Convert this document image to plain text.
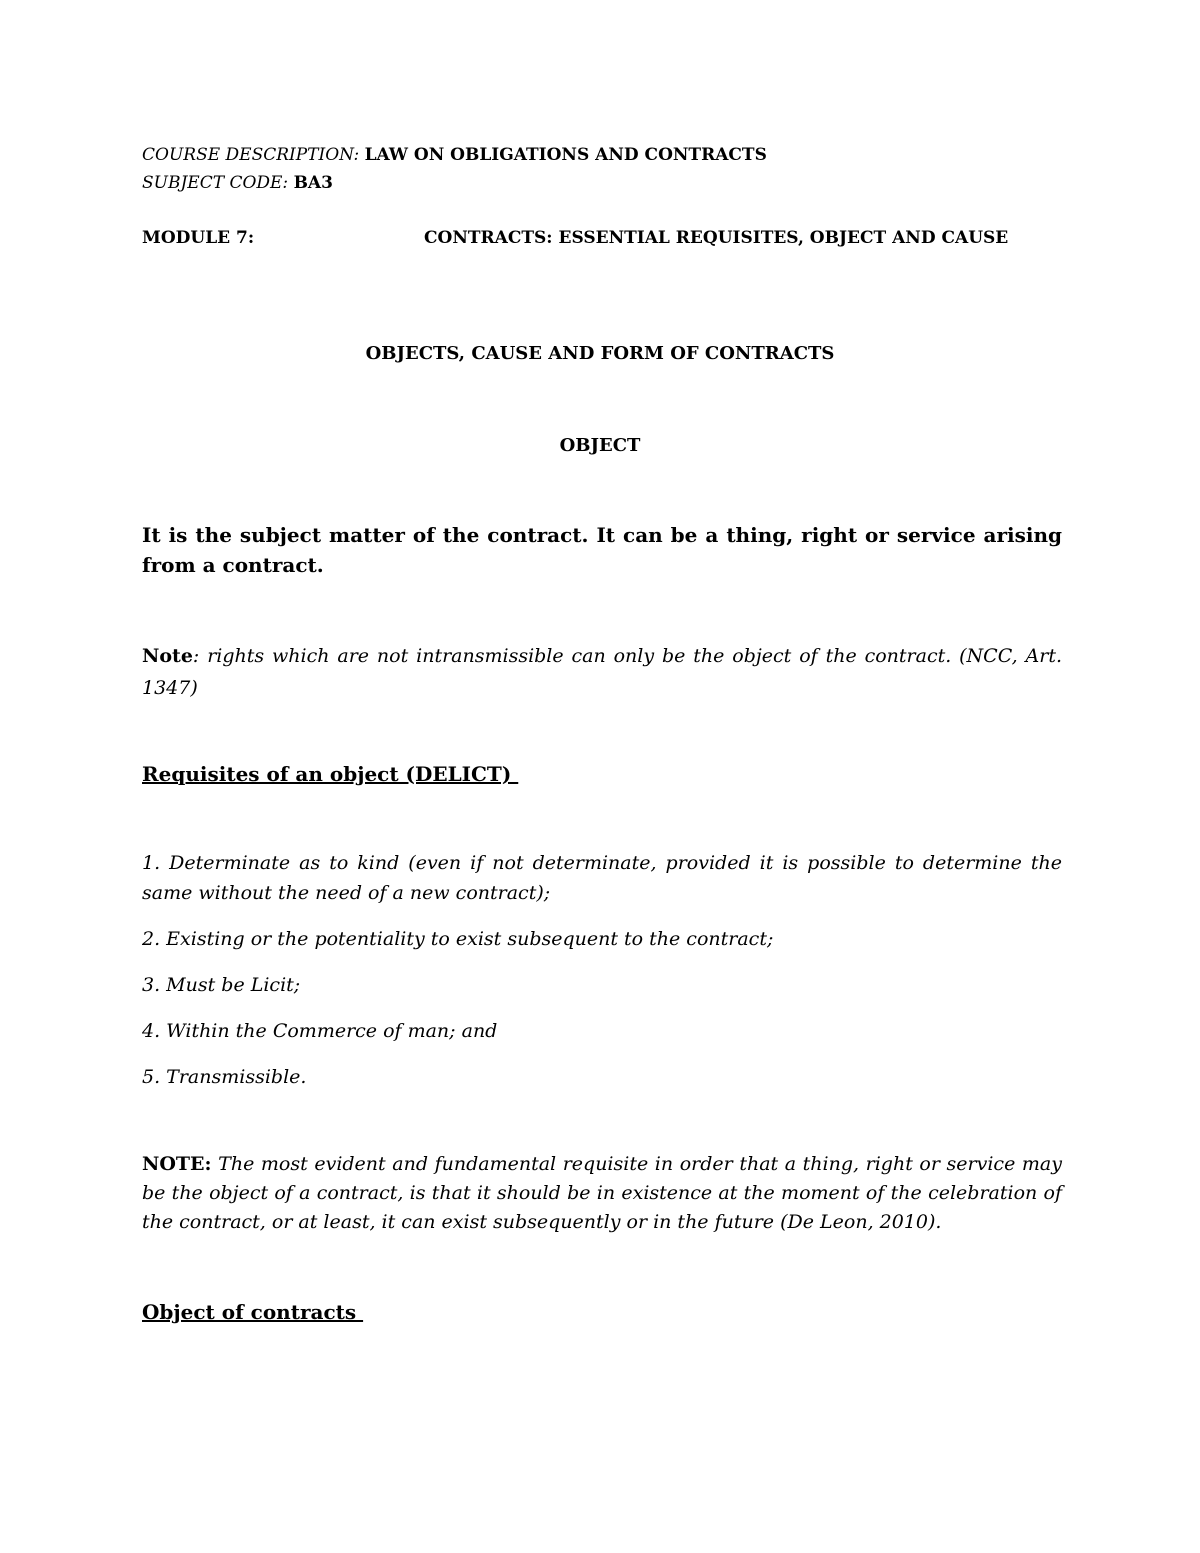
COURSE DESCRIPTION: LAW ON OBLIGATIONS AND CONTRACTS
SUBJECT CODE: BA3
MODULE 7:	CONTRACTS: ESSENTIAL REQUISITES, OBJECT AND CAUSE
OBJECTS, CAUSE AND FORM OF CONTRACTS
OBJECT
It is the subject matter of the contract. It can be a thing, right or service arising from a contract.
Note: rights which are not intransmissible can only be the object of the contract. (NCC, Art. 1347)
Requisites of an object (DELICT)
1. Determinate as to kind (even if not determinate, provided it is possible to determine the same without the need of a new contract);
2. Existing or the potentiality to exist subsequent to the contract;
3. Must be Licit;
4. Within the Commerce of man; and
5. Transmissible.
NOTE: The most evident and fundamental requisite in order that a thing, right or service may be the object of a contract, is that it should be in existence at the moment of the celebration of the contract, or at least, it can exist subsequently or in the future (De Leon, 2010).
Object of contracts
